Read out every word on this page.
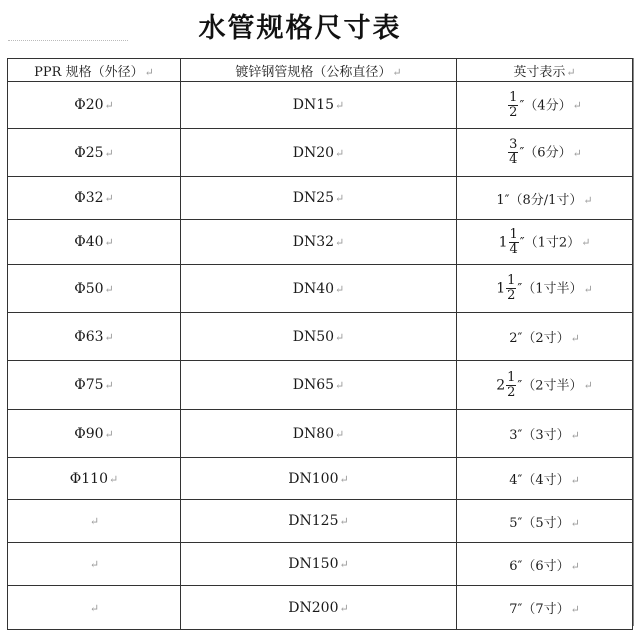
水管规格尺寸表
PPR 规格（外径）↵	镀锌钢管规格（公称直径）↵	英寸表示↵
Φ20↵	DN15↵	$\frac{1}{2} ''(4$分）↵
Φ25↵	DN20↵	$\frac{3}{4} ''(6$分）↵
Φ32↵	DN25↵	1″（8分/1寸）↵
Φ40↵	DN32↵	$1 \frac{1}{4} ''(1$寸2）↵
Φ50↵	DN40↵	$1 \frac{1}{2} ''(1$寸半）↵
Φ63↵	DN50↵	2″（2寸）↵
Φ75↵	DN65↵	$2 \frac{1}{2} ''(2$寸半）↵
Φ90↵	DN80↵	3″（3寸）↵
Φ110↵	DN100↵	4″（4寸）↵
↵	DN125↵	5″（5寸）↵
↵	DN150↵	6″（6寸）↵
↵	DN200↵	7″（7寸）↵
